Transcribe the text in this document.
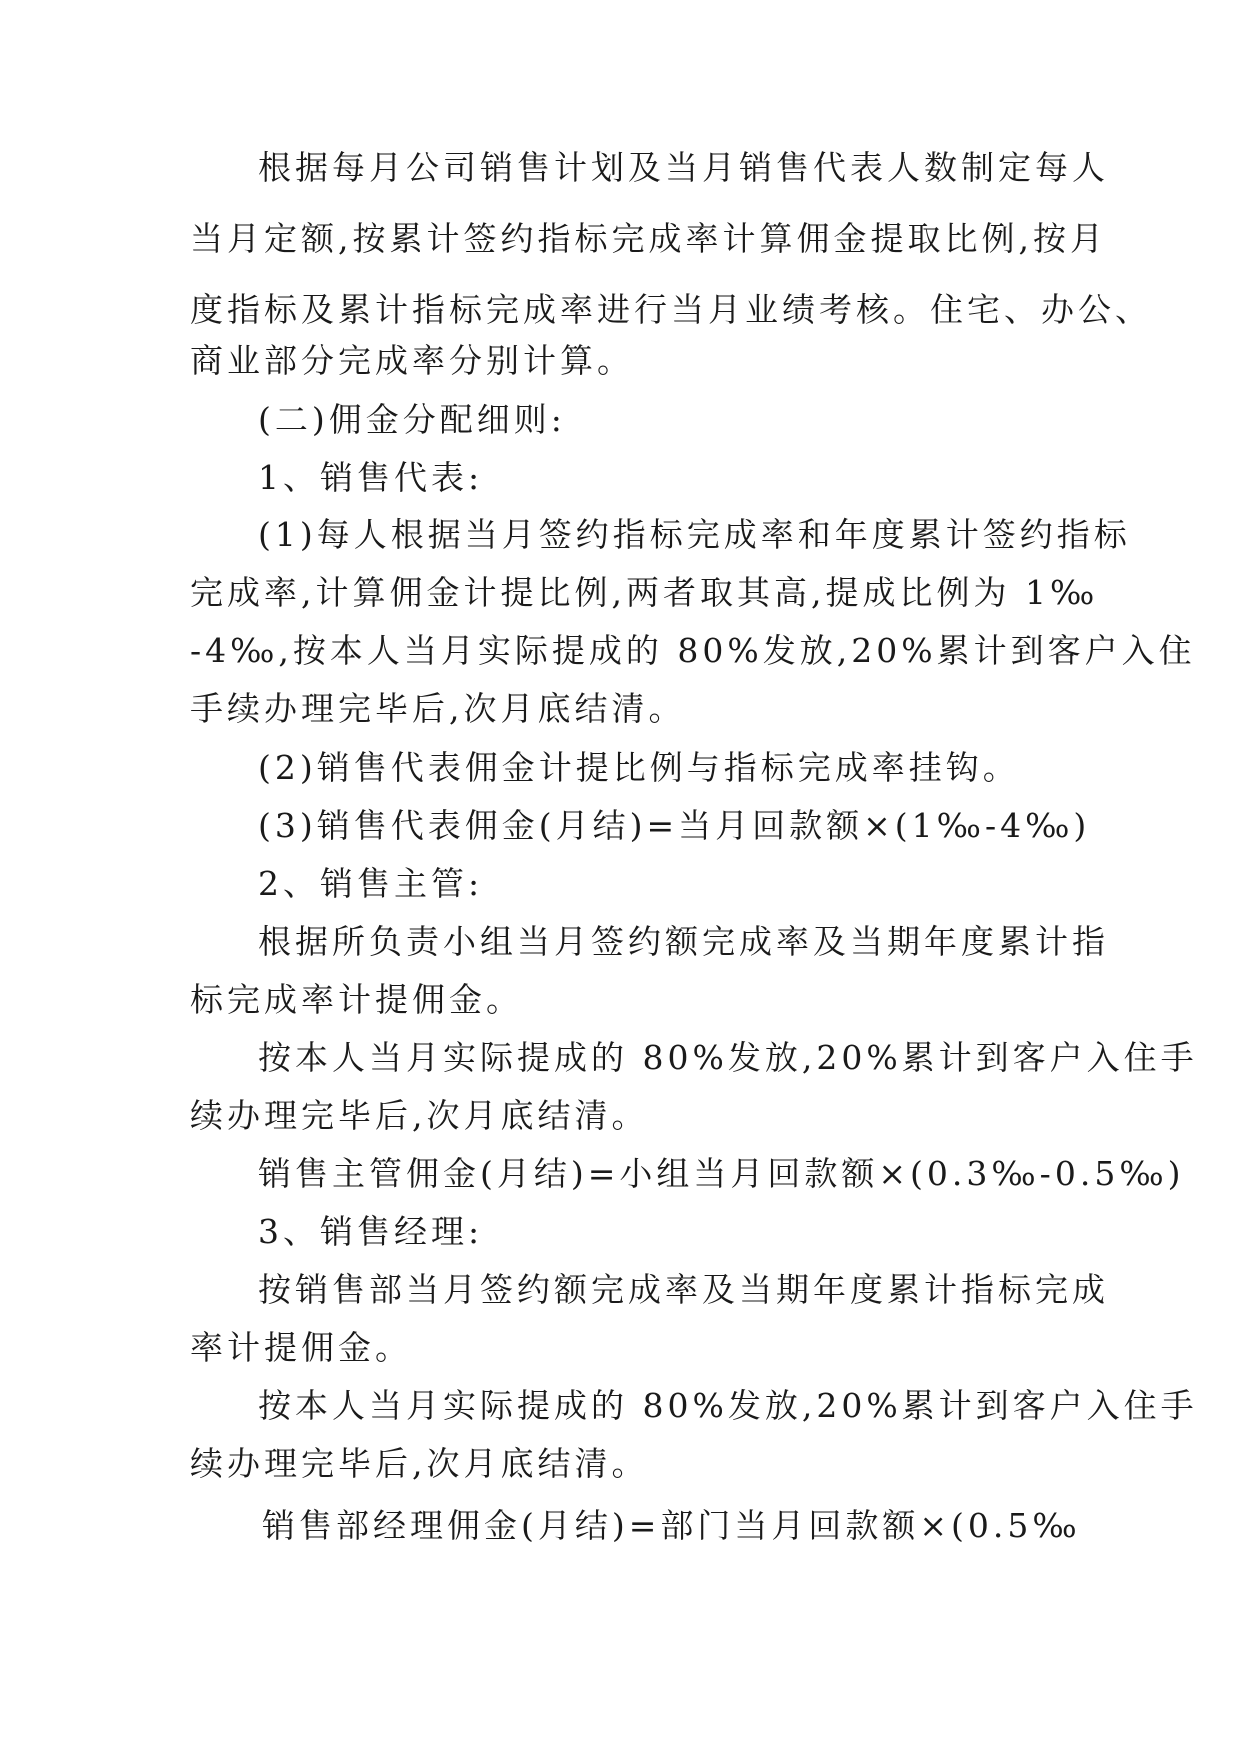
根据每月公司销售计划及当月销售代表人数制定每人
当月定额,按累计签约指标完成率计算佣金提取比例,按月
度指标及累计指标完成率进行当月业绩考核。住宅、办公、
商业部分完成率分别计算。
(二)佣金分配细则:
1、销售代表:
(1)每人根据当月签约指标完成率和年度累计签约指标
完成率,计算佣金计提比例,两者取其高,提成比例为 1‰
-4‰,按本人当月实际提成的 80%发放,20%累计到客户入住
手续办理完毕后,次月底结清。
(2)销售代表佣金计提比例与指标完成率挂钩。
(3)销售代表佣金(月结)=当月回款额×(1‰-4‰)
2、销售主管:
根据所负责小组当月签约额完成率及当期年度累计指
标完成率计提佣金。
按本人当月实际提成的 80%发放,20%累计到客户入住手
续办理完毕后,次月底结清。
销售主管佣金(月结)=小组当月回款额×(0.3‰-0.5‰)
3、销售经理:
按销售部当月签约额完成率及当期年度累计指标完成
率计提佣金。
按本人当月实际提成的 80%发放,20%累计到客户入住手
续办理完毕后,次月底结清。
销售部经理佣金(月结)=部门当月回款额×(0.5‰
